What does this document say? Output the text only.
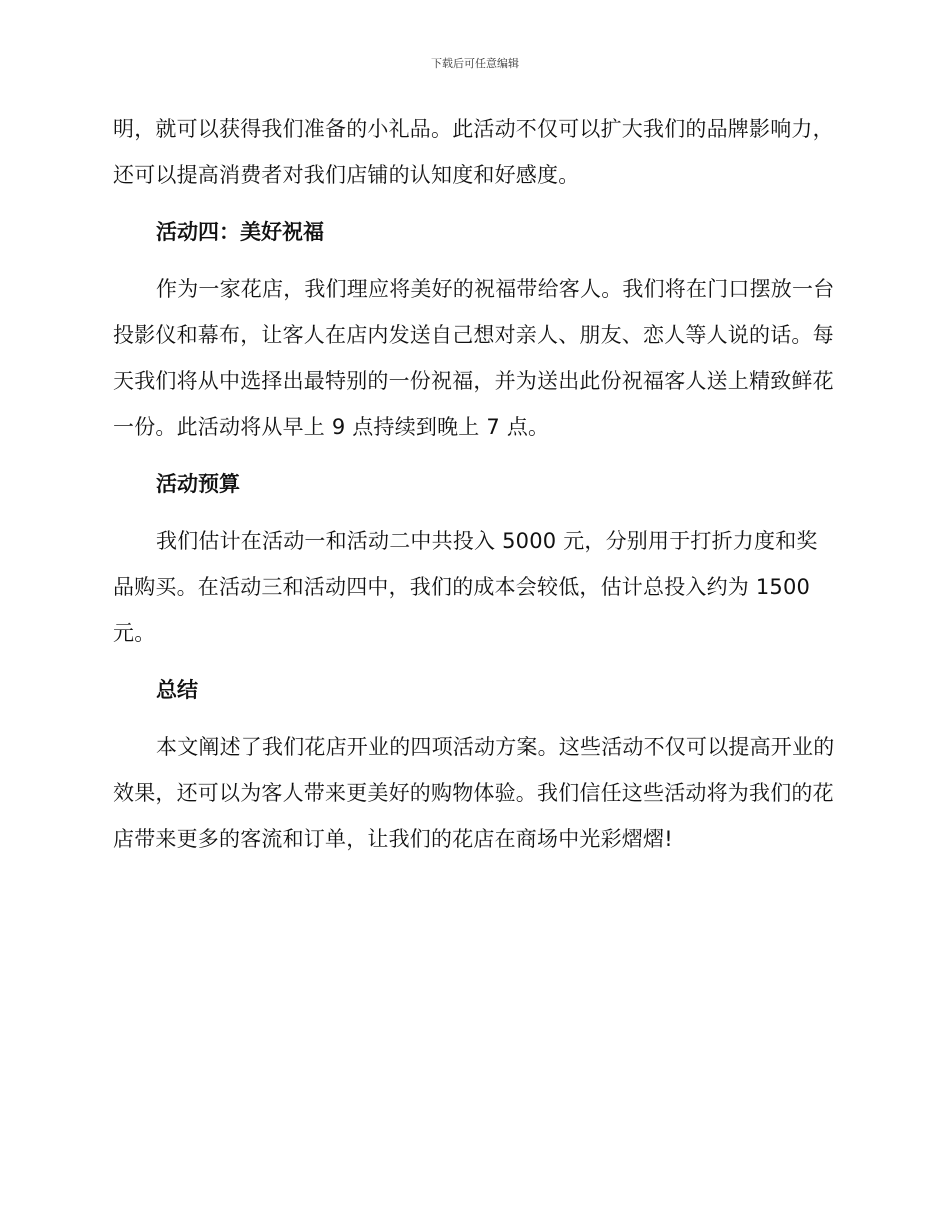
下载后可任意编辑

明，就可以获得我们准备的小礼品。此活动不仅可以扩大我们的品牌影响力，还可以提高消费者对我们店铺的认知度和好感度。

活动四：美好祝福

作为一家花店，我们理应将美好的祝福带给客人。我们将在门口摆放一台投影仪和幕布，让客人在店内发送自己想对亲人、朋友、恋人等人说的话。每天我们将从中选择出最特别的一份祝福，并为送出此份祝福客人送上精致鲜花一份。此活动将从早上 9 点持续到晚上 7 点。

活动预算

我们估计在活动一和活动二中共投入 5000 元，分别用于打折力度和奖品购买。在活动三和活动四中，我们的成本会较低，估计总投入约为 1500 元。

总结

本文阐述了我们花店开业的四项活动方案。这些活动不仅可以提高开业的效果，还可以为客人带来更美好的购物体验。我们信任这些活动将为我们的花店带来更多的客流和订单，让我们的花店在商场中光彩熠熠!
